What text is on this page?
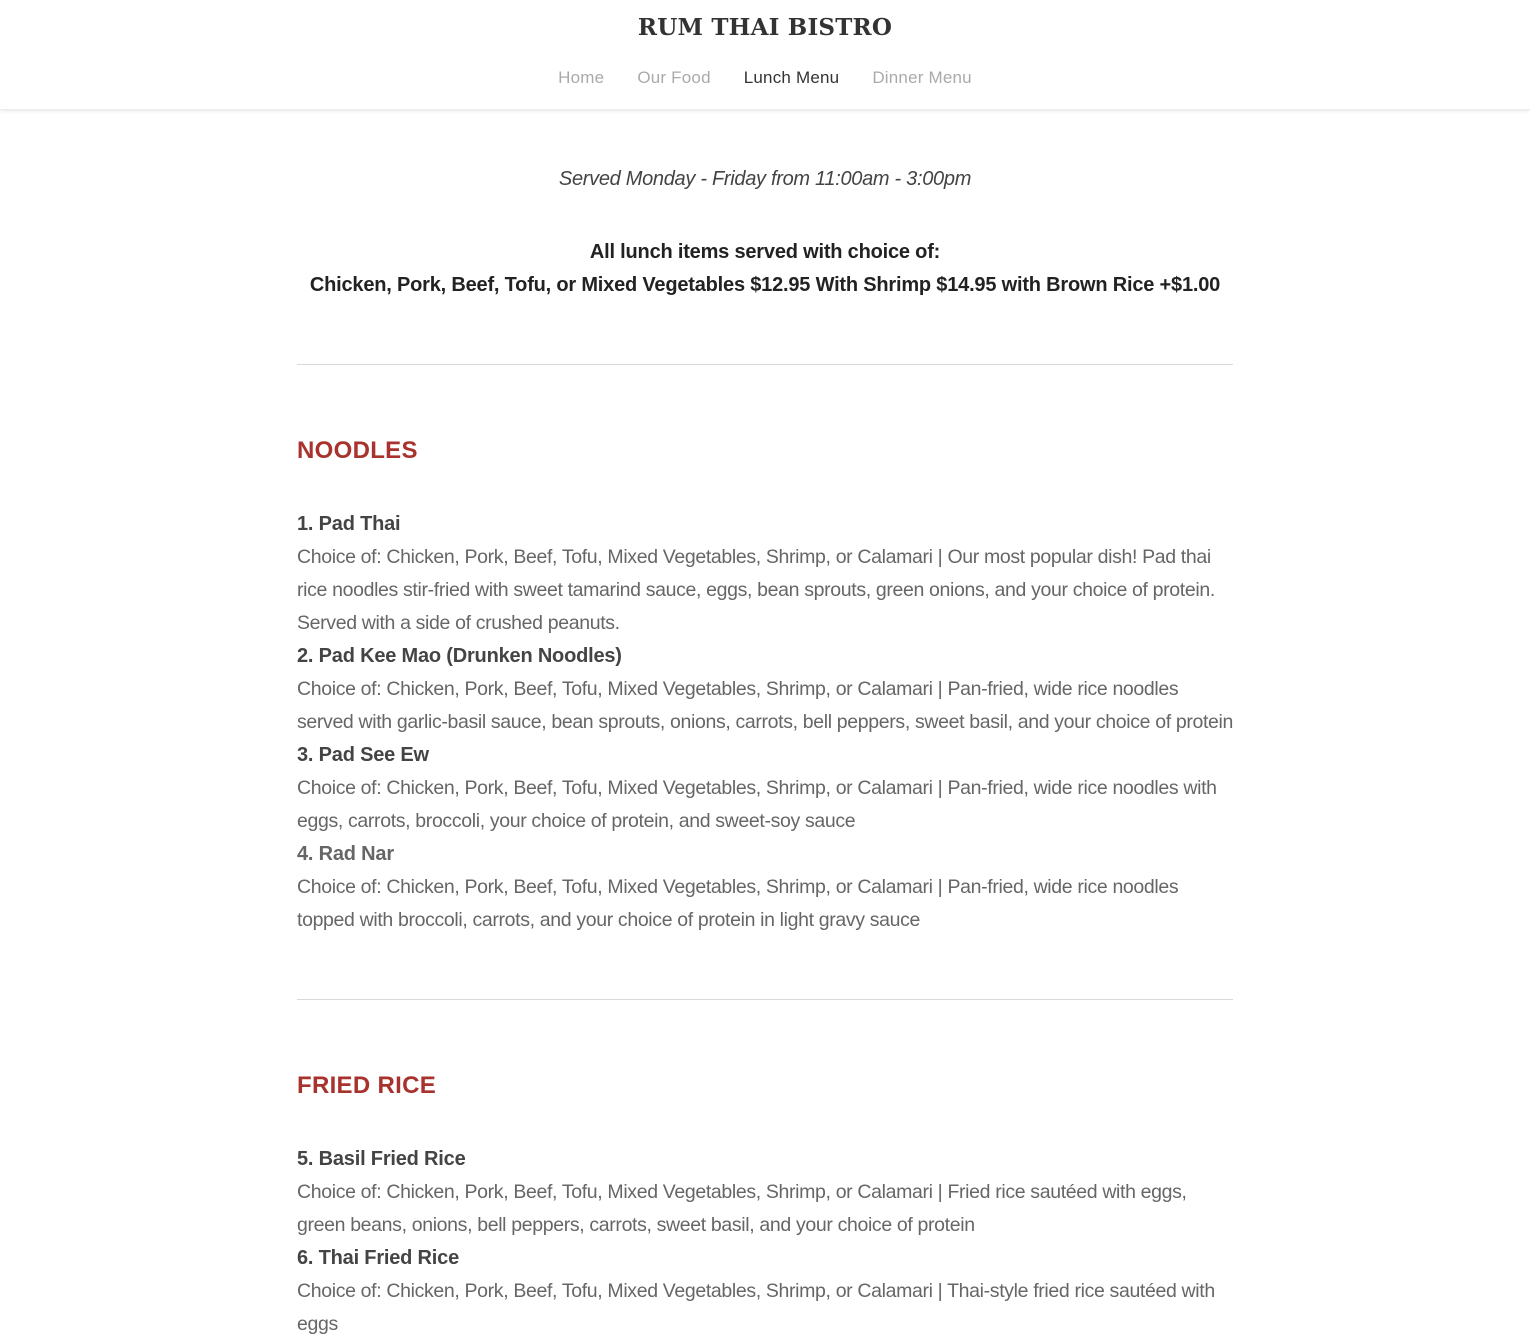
RUM THAI BISTRO
Home Our Food Lunch Menu Dinner Menu

Served Monday - Friday from 11:00am - 3:00pm

All lunch items served with choice of:

Chicken, Pork, Beef, Tofu, or Mixed Vegetables $12.95 With Shrimp $14.95 with Brown Rice +$1.00

NOODLES
1. Pad Thai
Choice of: Chicken, Pork, Beef, Tofu, Mixed Vegetables, Shrimp, or Calamari | Our most popular dish! Pad thai rice noodles stir-fried with sweet tamarind sauce, eggs, bean sprouts, green onions, and your choice of protein. Served with a side of crushed peanuts.
2. Pad Kee Mao (Drunken Noodles)
Choice of: Chicken, Pork, Beef, Tofu, Mixed Vegetables, Shrimp, or Calamari | Pan-fried, wide rice noodles served with garlic-basil sauce, bean sprouts, onions, carrots, bell peppers, sweet basil, and your choice of protein
3. Pad See Ew
Choice of: Chicken, Pork, Beef, Tofu, Mixed Vegetables, Shrimp, or Calamari | Pan-fried, wide rice noodles with eggs, carrots, broccoli, your choice of protein, and sweet-soy sauce
4. Rad Nar
Choice of: Chicken, Pork, Beef, Tofu, Mixed Vegetables, Shrimp, or Calamari | Pan-fried, wide rice noodles topped with broccoli, carrots, and your choice of protein in light gravy sauce
FRIED RICE
5. Basil Fried Rice
Choice of: Chicken, Pork, Beef, Tofu, Mixed Vegetables, Shrimp, or Calamari | Fried rice sautéed with eggs, green beans, onions, bell peppers, carrots, sweet basil, and your choice of protein
6. Thai Fried Rice
Choice of: Chicken, Pork, Beef, Tofu, Mixed Vegetables, Shrimp, or Calamari | Thai-style fried rice sautéed with eggs
